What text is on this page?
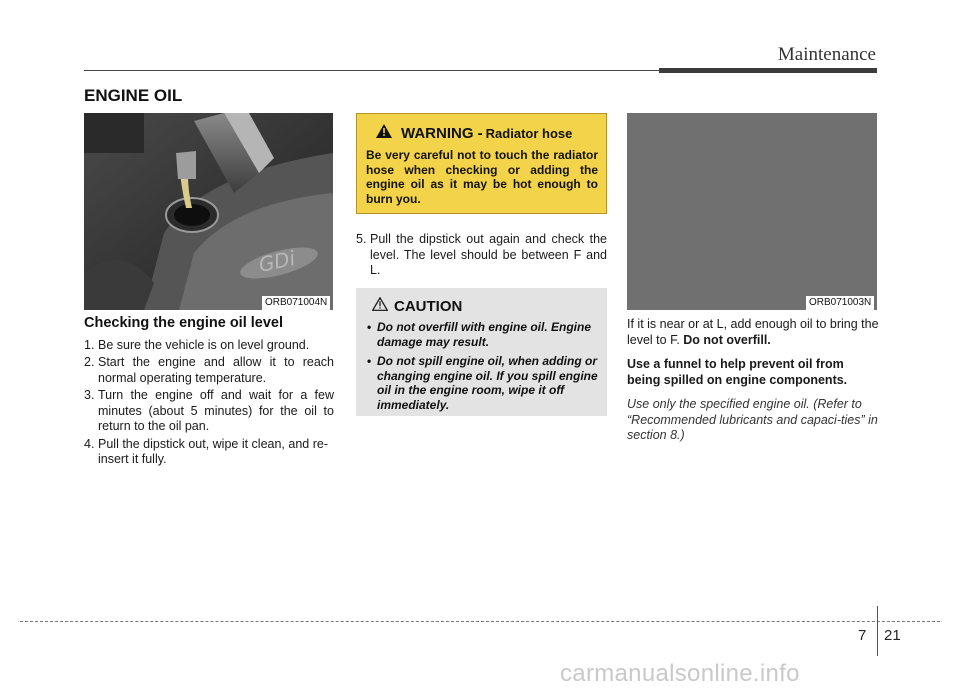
Maintenance
ENGINE OIL
GDi
ORB071004N	ORB071003N
Checking the engine oil level
1. Be sure the vehicle is on level ground.
2. Start the engine and allow it to reach normal operating temperature.
3. Turn the engine off and wait for a few minutes (about 5 minutes) for the oil to return to the oil pan.
4. Pull the dipstick out, wipe it clean, and re-insert it fully.
WARNING - Radiator hose
Be very careful not to touch the radiator hose when checking or adding the engine oil as it may be hot enough to burn you.
5. Pull the dipstick out again and check the level. The level should be between F and L.
CAUTION
• Do not overfill with engine oil. Engine damage may result.
• Do not spill engine oil, when adding or changing engine oil. If you spill engine oil in the engine room, wipe it off immediately.

If it is near or at L, add enough oil to bring the level to F. Do not overfill.

Use a funnel to help prevent oil from being spilled on engine components.

Use only the specified engine oil. (Refer to “Recommended lubricants and capaci-ties” in section 8.)

7 21
carmanualsonline.info
